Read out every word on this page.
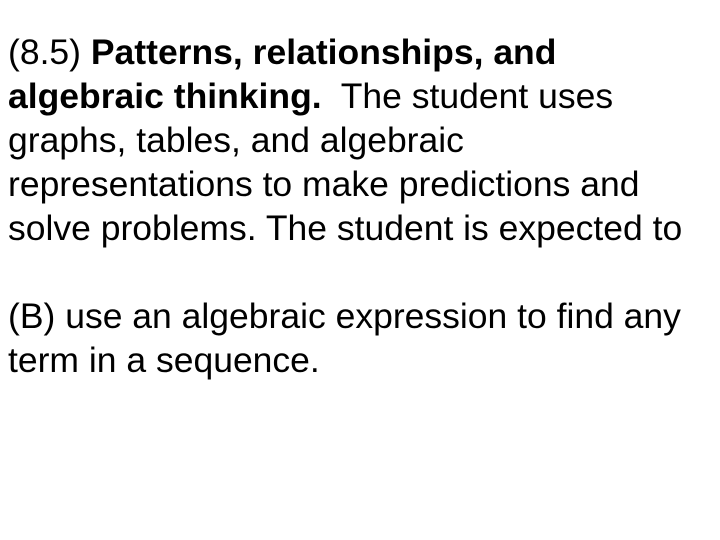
(8.5) Patterns, relationships, and algebraic thinking. The student uses graphs, tables, and algebraic representations to make predictions and solve problems. The student is expected to

(B) use an algebraic expression to find any term in a sequence.
